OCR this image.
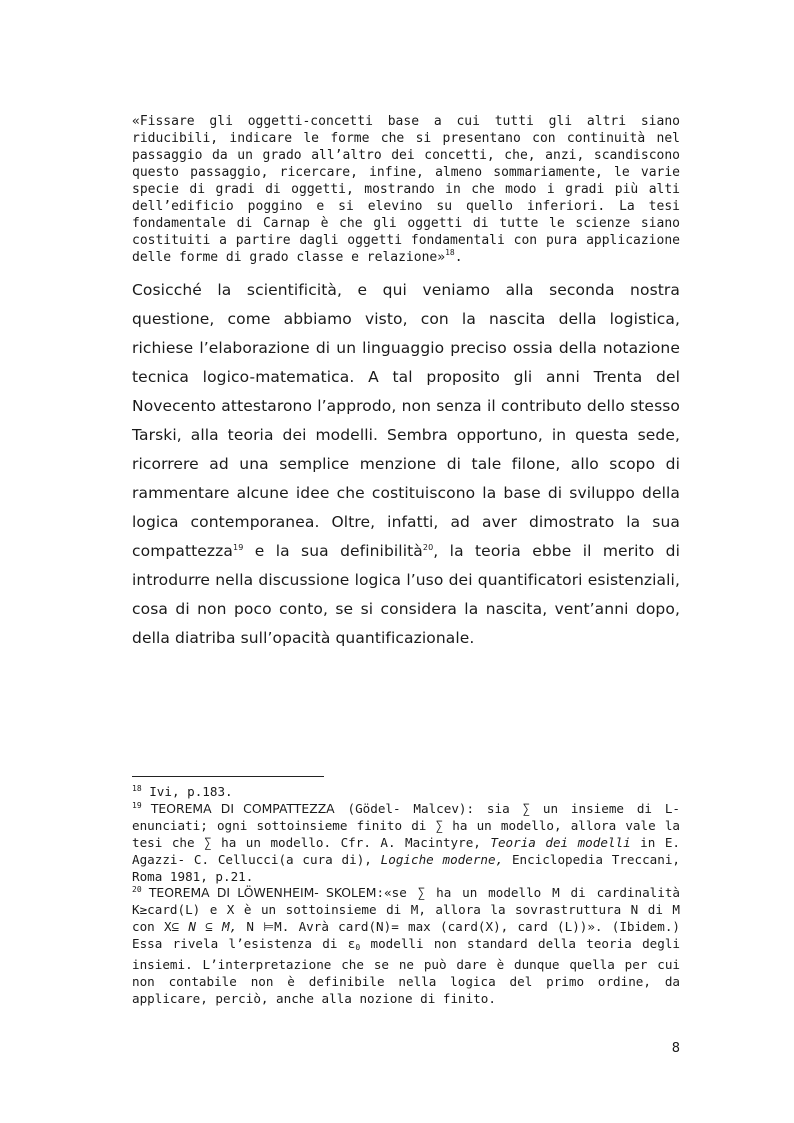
«Fissare gli oggetti-concetti base a cui tutti gli altri siano riducibili, indicare le forme che si presentano con continuità nel passaggio da un grado all’altro dei concetti, che, anzi, scandiscono questo passaggio, ricercare, infine, almeno sommariamente, le varie specie di gradi di oggetti, mostrando in che modo i gradi più alti dell’edificio poggino e si elevino su quello inferiori. La tesi fondamentale di Carnap è che gli oggetti di tutte le scienze siano costituiti a partire dagli oggetti fondamentali con pura applicazione delle forme di grado classe e relazione»$^{18}$.

Cosicché la scientificità, e qui veniamo alla seconda nostra questione, come abbiamo visto, con la nascita della logistica, richiese l’elaborazione di un linguaggio preciso ossia della notazione tecnica logico-matematica. A tal proposito gli anni Trenta del Novecento attestarono l’approdo, non senza il contributo dello stesso Tarski, alla teoria dei modelli. Sembra opportuno, in questa sede, ricorrere ad una semplice menzione di tale filone, allo scopo di rammentare alcune idee che costituiscono la base di sviluppo della logica contemporanea. Oltre, infatti, ad aver dimostrato la sua compattezza$^{19}$ e la sua definibilità$^{20}$, la teoria ebbe il merito di introdurre nella discussione logica l’uso dei quantificatori esistenziali, cosa di non poco conto, se si considera la nascita, vent’anni dopo, della diatriba sull’opacità quantificazionale.

$^{18}$ Ivi, p.183.

$^{19}$ TEOREMA DI COMPATTEZZA (Gödel- Malcev): sia ∑ un insieme di L-enunciati; ogni sottoinsieme finito di ∑ ha un modello, allora vale la tesi che ∑ ha un modello. Cfr. A. Macintyre, Teoria dei modelli in E. Agazzi- C. Cellucci(a cura di), Logiche moderne, Enciclopedia Treccani, Roma 1981, p.21.

$^{20}$ TEOREMA DI LÖWENHEIM- SKOLEM:«se ∑ ha un modello M di cardinalità K≥card(L) e X è un sottoinsieme di M, allora la sovrastruttura N di M con X⊆ N ⊆ M, N ⊨M. Avrà card(N)= max (card(X), card (L))». (Ibidem.) Essa rivela l’esistenza di $\varepsilon_0$ modelli non standard della teoria degli insiemi. L’interpretazione che se ne può dare è dunque quella per cui non contabile non è definibile nella logica del primo ordine, da applicare, perciò, anche alla nozione di finito.

8
